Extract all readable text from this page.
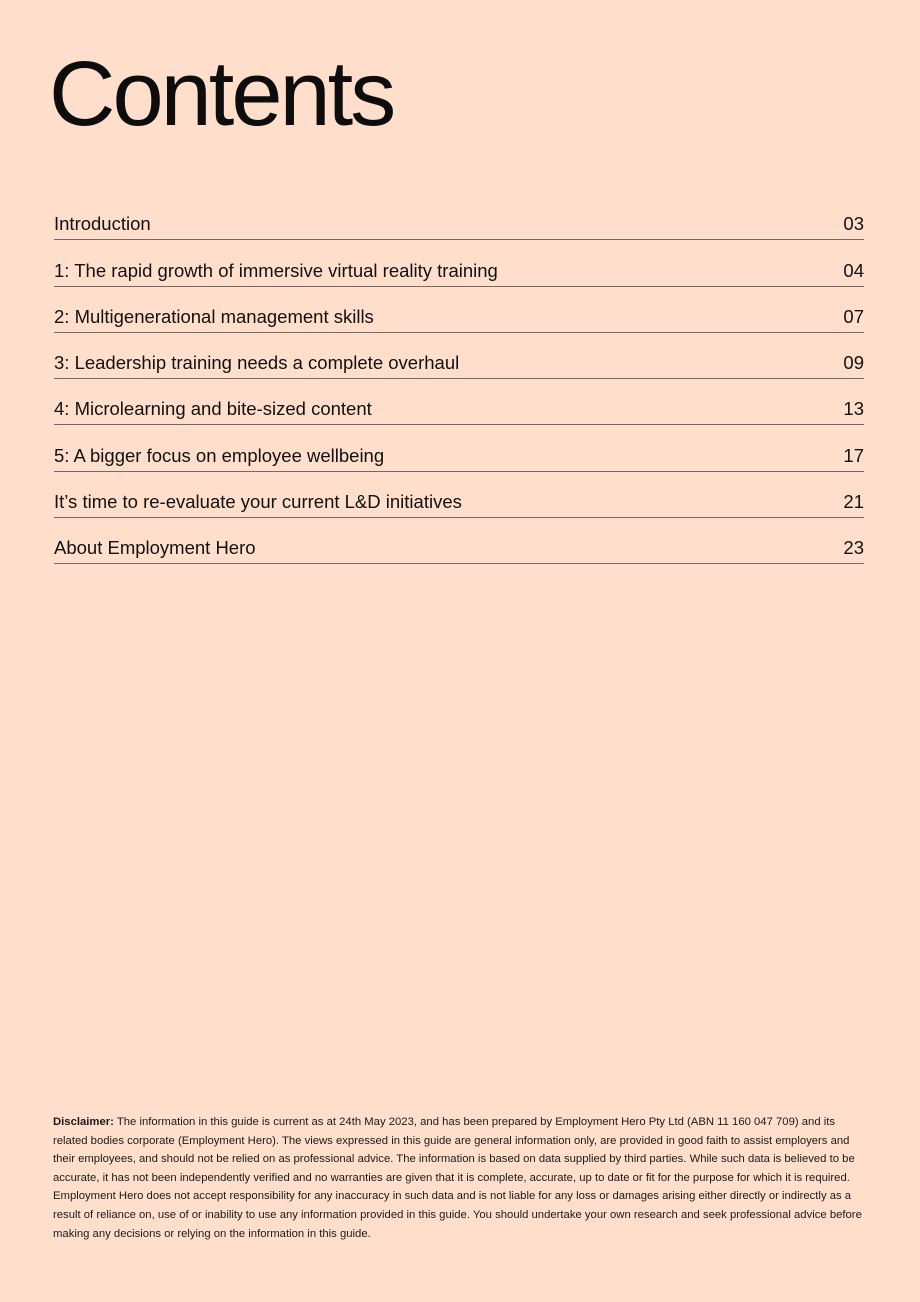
Contents
Introduction	03
1: The rapid growth of immersive virtual reality training	04
2: Multigenerational management skills	07
3: Leadership training needs a complete overhaul	09
4: Microlearning and bite-sized content	13
5: A bigger focus on employee wellbeing	17
It’s time to re-evaluate your current L&D initiatives	21
About Employment Hero	23

Disclaimer: The information in this guide is current as at 24th May 2023, and has been prepared by Employment Hero Pty Ltd (ABN 11 160 047 709) and its related bodies corporate (Employment Hero). The views expressed in this guide are general information only, are provided in good faith to assist employers and their employees, and should not be relied on as professional advice. The information is based on data supplied by third parties. While such data is believed to be accurate, it has not been independently verified and no warranties are given that it is complete, accurate, up to date or fit for the purpose for which it is required. Employment Hero does not accept responsibility for any inaccuracy in such data and is not liable for any loss or damages arising either directly or indirectly as a result of reliance on, use of or inability to use any information provided in this guide. You should undertake your own research and seek professional advice before making any decisions or relying on the information in this guide.
